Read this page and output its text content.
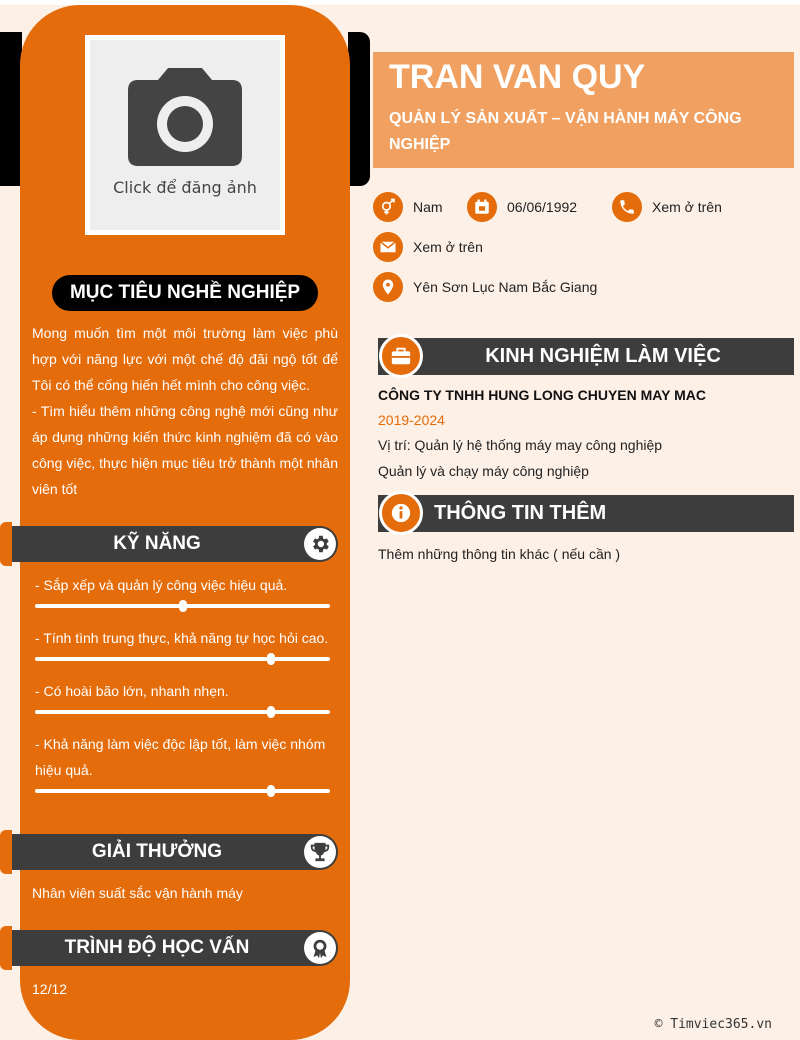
Click để đăng ảnh
MỤC TIÊU NGHỀ NGHIỆP

Mong muốn tìm một môi trường làm việc phù hợp với năng lực với một chế độ đãi ngộ tốt để Tôi có thể cống hiến hết mình cho công việc.

- Tìm hiểu thêm những công nghệ mới cũng như áp dụng những kiến thức kinh nghiệm đã có vào công việc, thực hiện mục tiêu trở thành một nhân viên tốt

KỸ NĂNG
- Sắp xếp và quản lý công việc hiệu quả.
- Tính tình trung thực, khả năng tự học hỏi cao.
- Có hoài bão lớn, nhanh nhẹn.
- Khả năng làm việc độc lập tốt, làm việc nhóm hiệu quả.
GIẢI THƯỞNG
Nhân viên suất sắc vận hành máy
TRÌNH ĐỘ HỌC VẤN
12/12
TRAN VAN QUY
QUẢN LÝ SẢN XUẤT – VẬN HÀNH MÁY CÔNG NGHIỆP
Nam	06/06/1992	Xem ở trên
Xem ở trên
Yên Sơn Lục Nam Bắc Giang
KINH NGHIỆM LÀM VIỆC
CÔNG TY TNHH HUNG LONG CHUYEN MAY MAC
2019-2024
Vị trí: Quản lý hệ thống máy may công nghiệp
Quản lý và chạy máy công nghiệp
THÔNG TIN THÊM
Thêm những thông tin khác ( nếu cần )
© Timviec365.vn
